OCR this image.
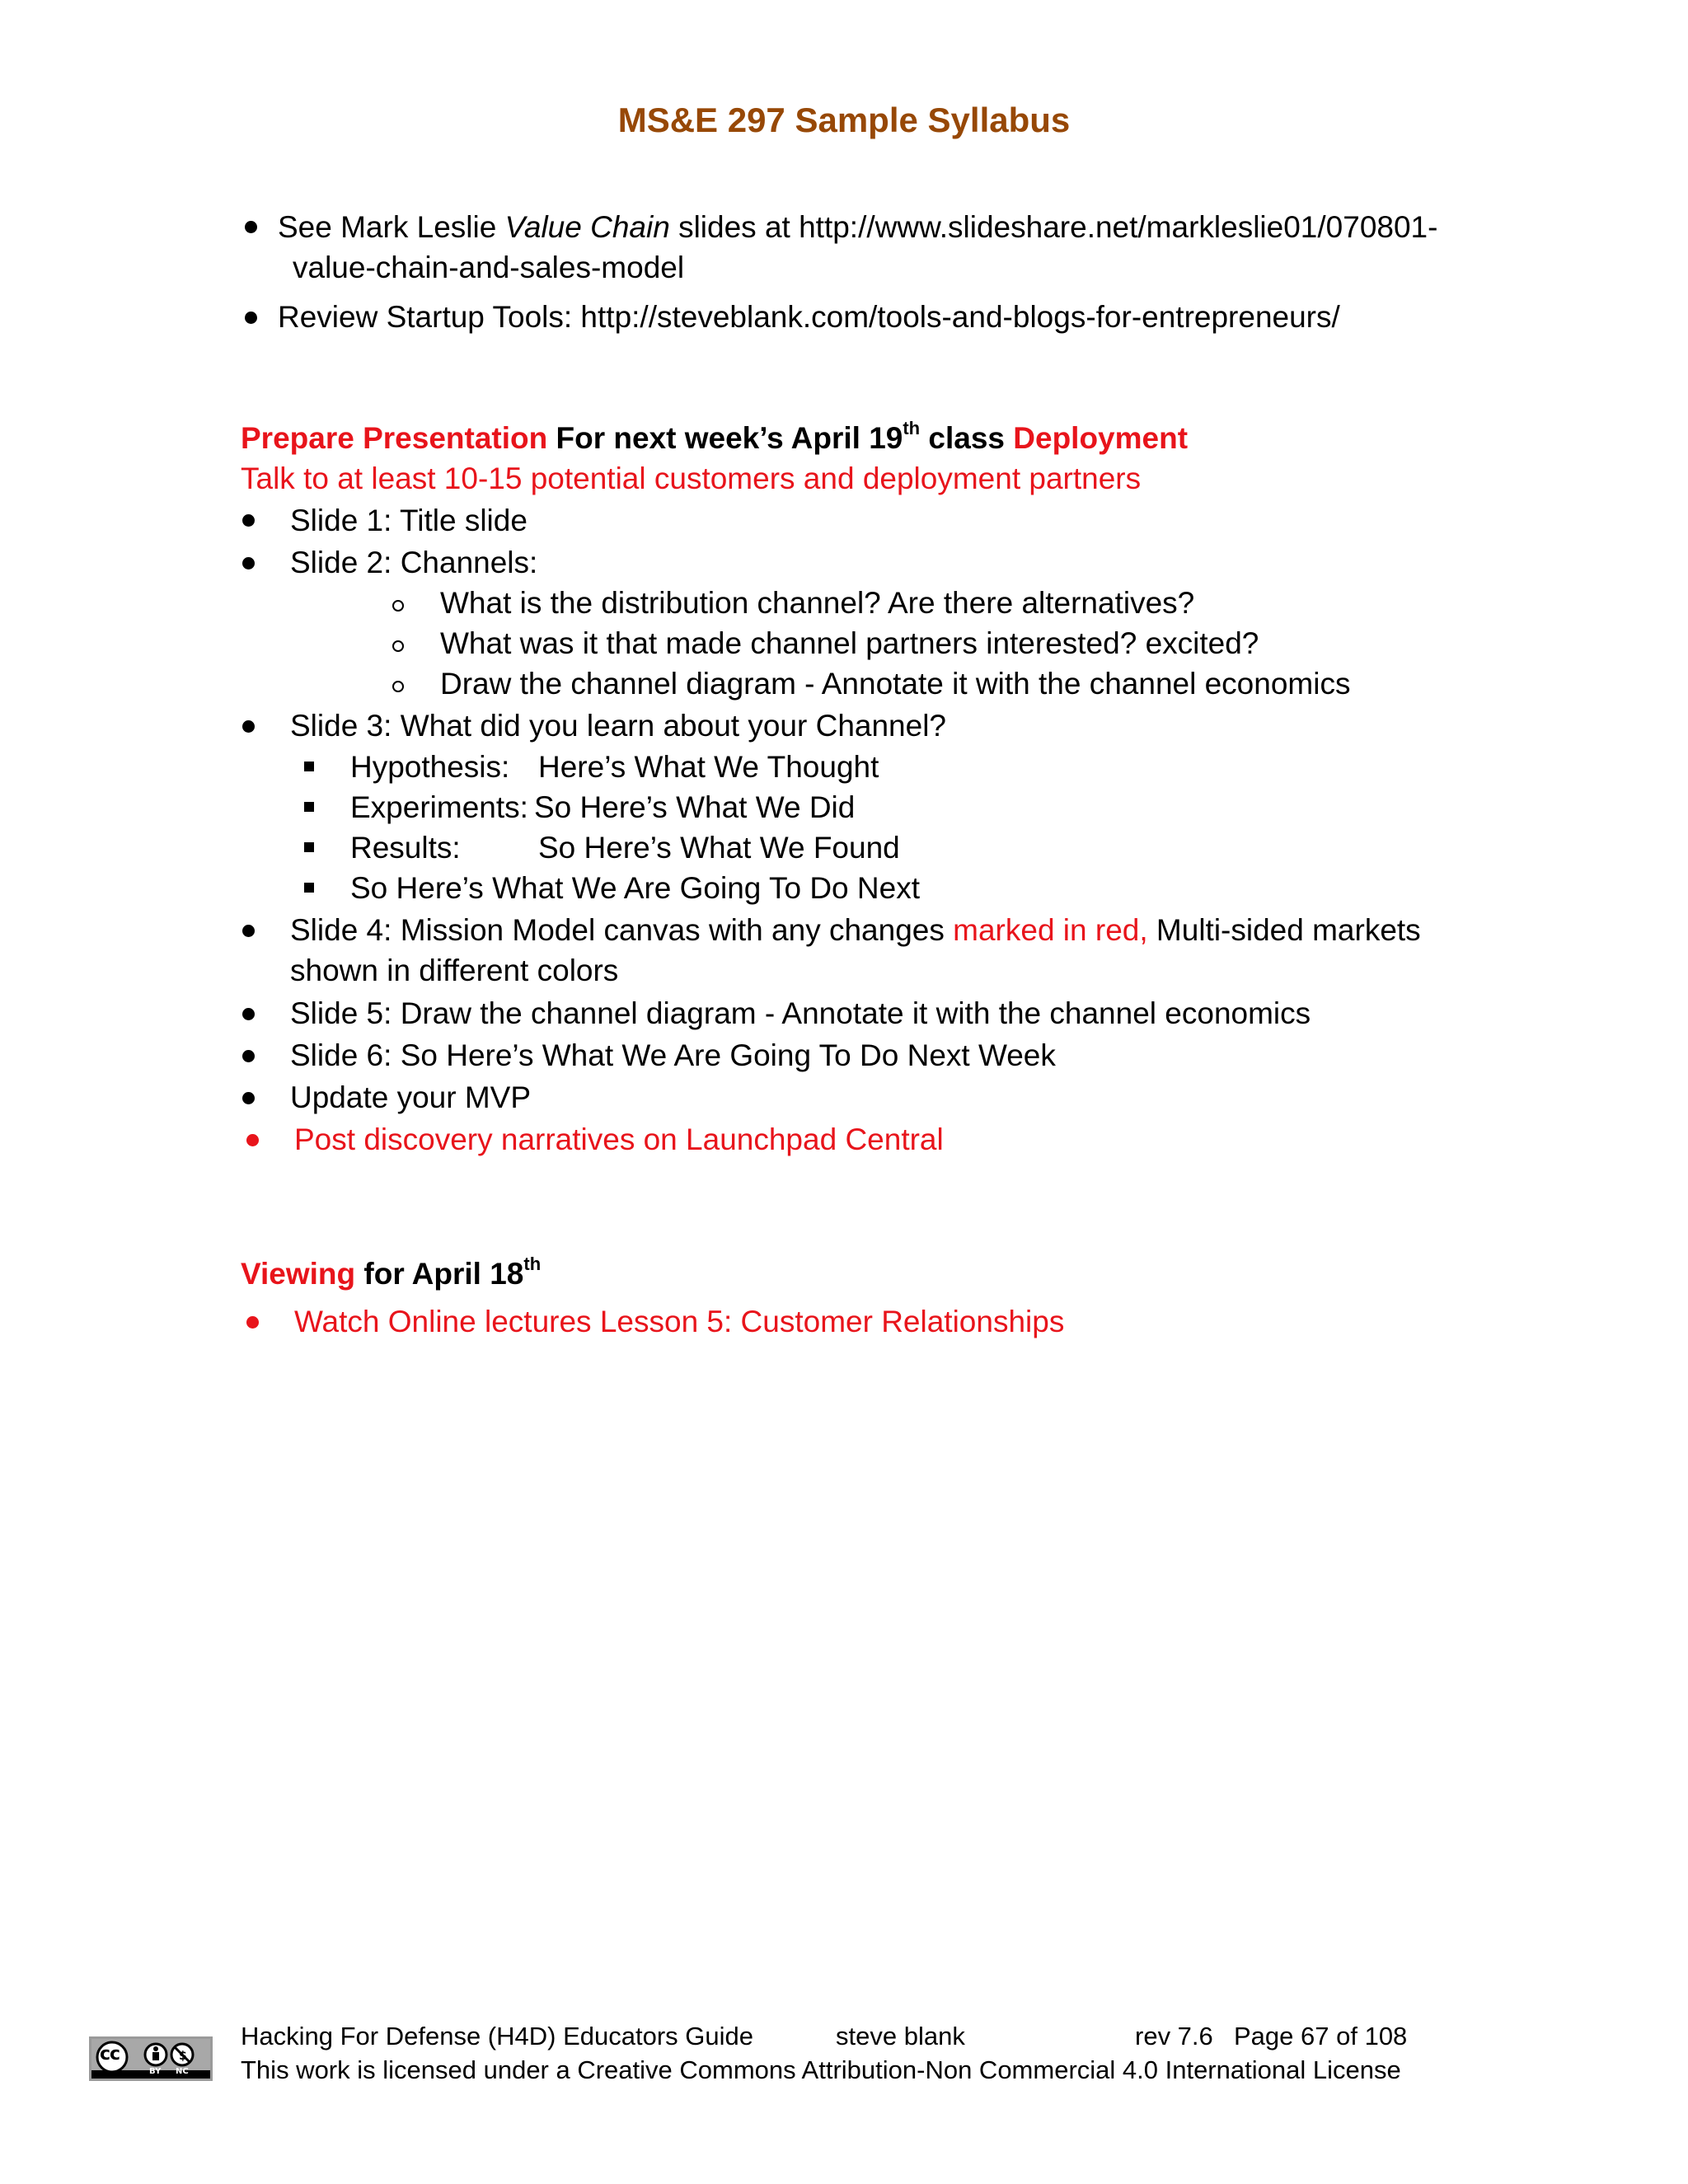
MS&E 297 Sample Syllabus
See Mark Leslie Value Chain slides at http://www.slideshare.net/markleslie01/070801-
value-chain-and-sales-model
Review Startup Tools: http://steveblank.com/tools-and-blogs-for-entrepreneurs/
Prepare Presentation For next week’s April 19th class Deployment
Talk to at least 10-15 potential customers and deployment partners
Slide 1: Title slide
Slide 2: Channels:
What is the distribution channel? Are there alternatives?
What was it that made channel partners interested? excited?
Draw the channel diagram - Annotate it with the channel economics
Slide 3: What did you learn about your Channel?
Hypothesis: Here’s What We Thought
Experiments: So Here’s What We Did
Results:	So Here’s What We Found
So Here’s What We Are Going To Do Next
Slide 4: Mission Model canvas with any changes marked in red, Multi-sided markets
shown in different colors
Slide 5: Draw the channel diagram - Annotate it with the channel economics
Slide 6: So Here’s What We Are Going To Do Next Week
Update your MVP
Post discovery narratives on Launchpad Central
Viewing for April 18th
Watch Online lectures Lesson 5: Customer Relationships
$
cc
BY NC
Hacking For Defense (H4D) Educators Guide	steve blank	rev 7.6 Page 67 of 108
This work is licensed under a Creative Commons Attribution-Non Commercial 4.0 International License
